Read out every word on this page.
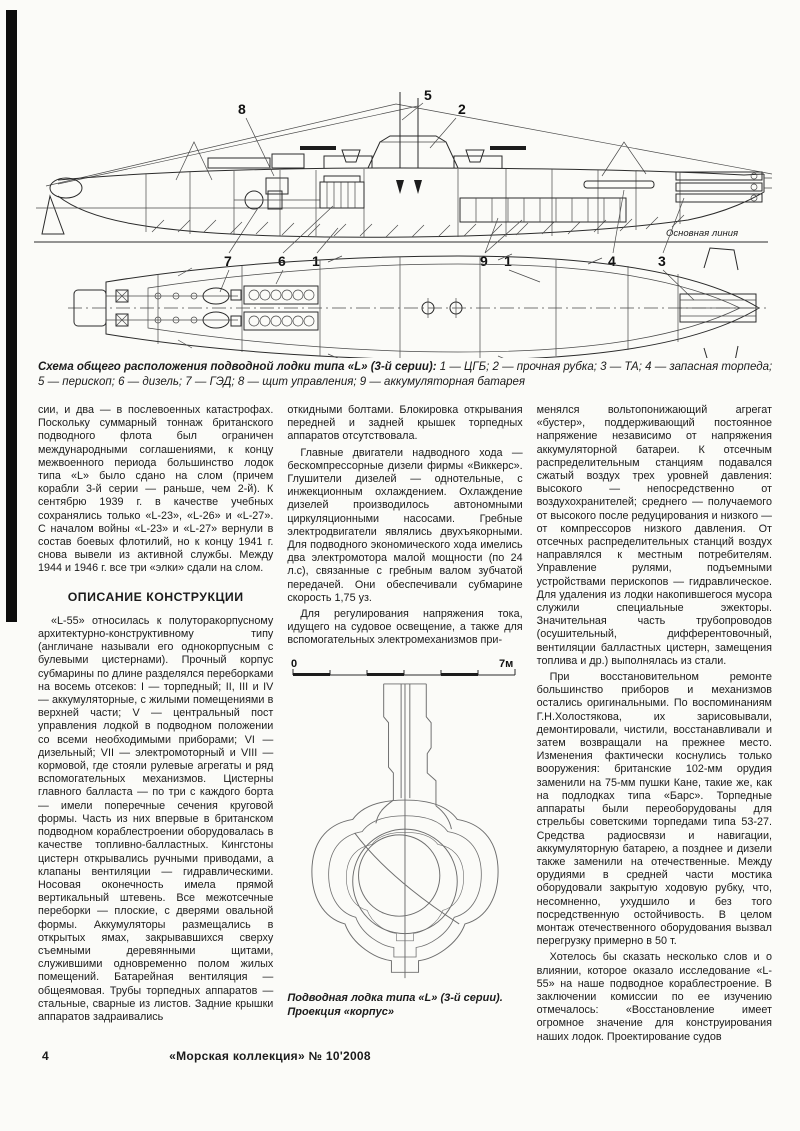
Основная линия
8
5
2
7	6 1	9 1	4	3
Схема общего расположения подводной лодки типа «L» (3-й серии): 1 — ЦГБ; 2 — прочная рубка; 3 — ТА; 4 — запасная торпеда; 5 — перископ; 6 — дизель; 7 — ГЭД; 8 — щит управления; 9 — аккумуляторная батарея

сии, и два — в послевоенных катастрофах. Поскольку суммарный тоннаж британского подводного флота был ограничен международными соглашениями, к концу межвоенного периода большинство лодок типа «L» было сдано на слом (причем корабли 3-й серии — раньше, чем 2-й). К сентябрю 1939 г. в качестве учебных сохранялись только «L-23», «L-26» и «L-27». С началом войны «L-23» и «L-27» вернули в состав боевых флотилий, но к концу 1941 г. снова вывели из активной службы. Между 1944 и 1946 г. все три «элки» сдали на слом.

ОПИСАНИЕ КОНСТРУКЦИИ

«L-55» относилась к полуторакорпусному архитектурно-конструктивному типу (англичане называли его однокорпусным с булевыми цистернами). Прочный корпус субмарины по длине разделялся переборками на восемь отсеков: I — торпедный; II, III и IV — аккумуляторные, с жилыми помещениями в верхней части; V — центральный пост управления лодкой в подводном положении со всеми необходимыми приборами; VI — дизельный; VII — электромоторный и VIII — кормовой, где стояли рулевые агрегаты и ряд вспомогательных механизмов. Цистерны главного балласта — по три с каждого борта — имели поперечные сечения круговой формы. Часть из них впервые в британском подводном кораблестроении оборудовалась в качестве топливно-балластных. Кингстоны цистерн открывались ручными приводами, а клапаны вентиляции — гидравлическими. Носовая оконечность имела прямой вертикальный штевень. Все межотсечные переборки — плоские, с дверями овальной формы. Аккумуляторы размещались в открытых ямах, закрывавшихся сверху съемными деревянными щитами, служившими одновременно полом жилых помещений. Батарейная вентиляция — общеямовая. Трубы торпедных аппаратов — стальные, сварные из листов. Задние крышки аппаратов задраивались

откидными болтами. Блокировка открывания передней и задней крышек торпедных аппаратов отсутствовала.

Главные двигатели надводного хода — бескомпрессорные дизели фирмы «Виккерс». Глушители дизелей — однотельные, с инжекционным охлаждением. Охлаждение дизелей производилось автономными циркуляционными насосами. Гребные электродвигатели являлись двухъякорными. Для подводного экономического хода имелись два электромотора малой мощности (по 24 л.с), связанные с гребным валом зубчатой передачей. Они обеспечивали субмарине скорость 1,75 уз.

Для регулирования напряжения тока, идущего на судовое освещение, а также для вспомогательных электромеханизмов при-

0	7м
Подводная лодка типа «L» (3-й серии). Проекция «корпус»

менялся вольтопонижающий агрегат «бустер», поддерживающий постоянное напряжение независимо от напряжения аккумуляторной батареи. К отсечным распределительным станциям подавался сжатый воздух трех уровней давления: высокого — непосредственно от воздухохранителей; среднего — получаемого от высокого после редуцирования и низкого — от компрессоров низкого давления. От отсечных распределительных станций воздух направлялся к местным потребителям. Управление рулями, подъемными устройствами перископов — гидравлическое. Для удаления из лодки накопившегося мусора служили специальные эжекторы. Значительная часть трубопроводов (осушительный, дифферентовочный, вентиляции балластных цистерн, замещения топлива и др.) выполнялась из стали.

При восстановительном ремонте большинство приборов и механизмов остались оригинальными. По воспоминаниям Г.Н.Холостякова, их зарисовывали, демонтировали, чистили, восстанавливали и затем возвращали на прежнее место. Изменения фактически коснулись только вооружения: британские 102-мм орудия заменили на 75-мм пушки Кане, такие же, как на подлодках типа «Барс». Торпедные аппараты были переоборудованы для стрельбы советскими торпедами типа 53-27. Средства радиосвязи и навигации, аккумуляторную батарею, а позднее и дизели также заменили на отечественные. Между орудиями в средней части мостика оборудовали закрытую ходовую рубку, что, несомненно, ухудшило и без того посредственную остойчивость. В целом монтаж отечественного оборудования вызвал перегрузку примерно в 50 т.

Хотелось бы сказать несколько слов и о влиянии, которое оказало исследование «L-55» на наше подводное кораблестроение. В заключении комиссии по ее изучению отмечалось: «Восстановление имеет огромное значение для конструирования наших лодок. Проектирование судов

4	«Морская коллекция» № 10'2008
